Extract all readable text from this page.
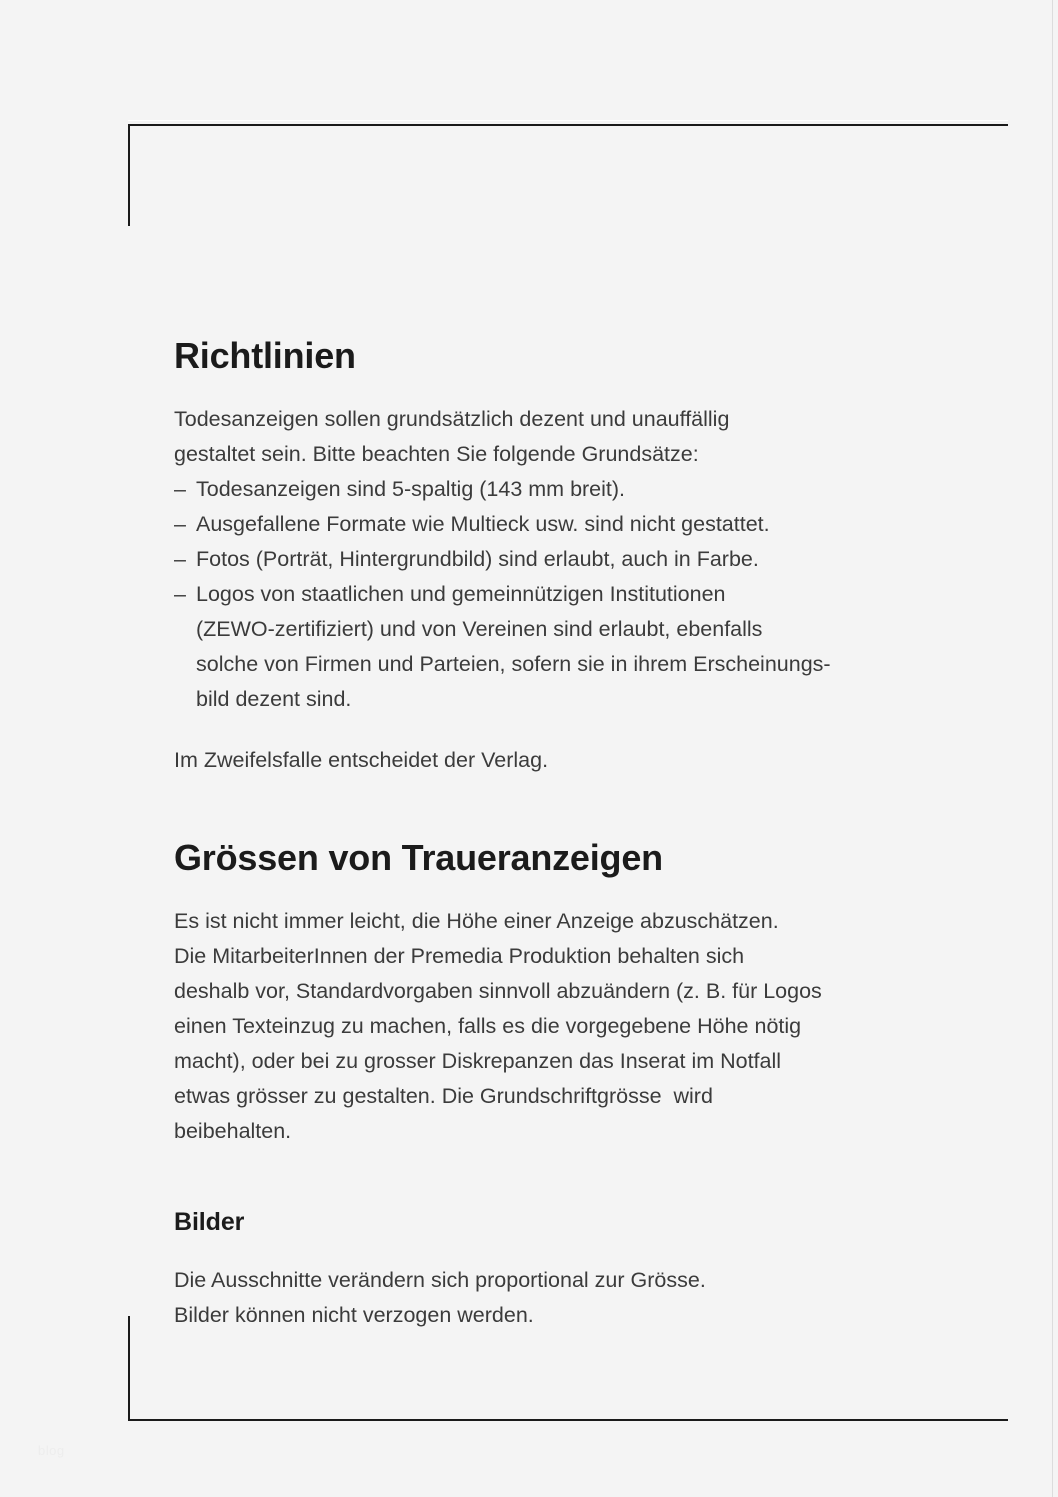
Richtlinien
Todesanzeigen sollen grundsätzlich dezent und unauffällig
gestaltet sein. Bitte beachten Sie folgende Grundsätze:
– Todesanzeigen sind 5-spaltig (143 mm breit).
– Ausgefallene Formate wie Multieck usw. sind nicht gestattet.
– Fotos (Porträt, Hintergrundbild) sind erlaubt, auch in Farbe.
– Logos von staatlichen und gemeinnützigen Institutionen
(ZEWO-zertifiziert) und von Vereinen sind erlaubt, ebenfalls
solche von Firmen und Parteien, sofern sie in ihrem Erscheinungs-
bild dezent sind.

Im Zweifelsfalle entscheidet der Verlag.

Grössen von Traueranzeigen
Es ist nicht immer leicht, die Höhe einer Anzeige abzuschätzen.
Die MitarbeiterInnen der Premedia Produktion behalten sich
deshalb vor, Standardvorgaben sinnvoll abzuändern (z. B. für Logos
einen Texteinzug zu machen, falls es die vorgegebene Höhe nötig
macht), oder bei zu grosser Diskrepanzen das Inserat im Notfall
etwas grösser zu gestalten. Die Grundschriftgrösse  wird
beibehalten.
Bilder
Die Ausschnitte verändern sich proportional zur Grösse.
Bilder können nicht verzogen werden.
blog
